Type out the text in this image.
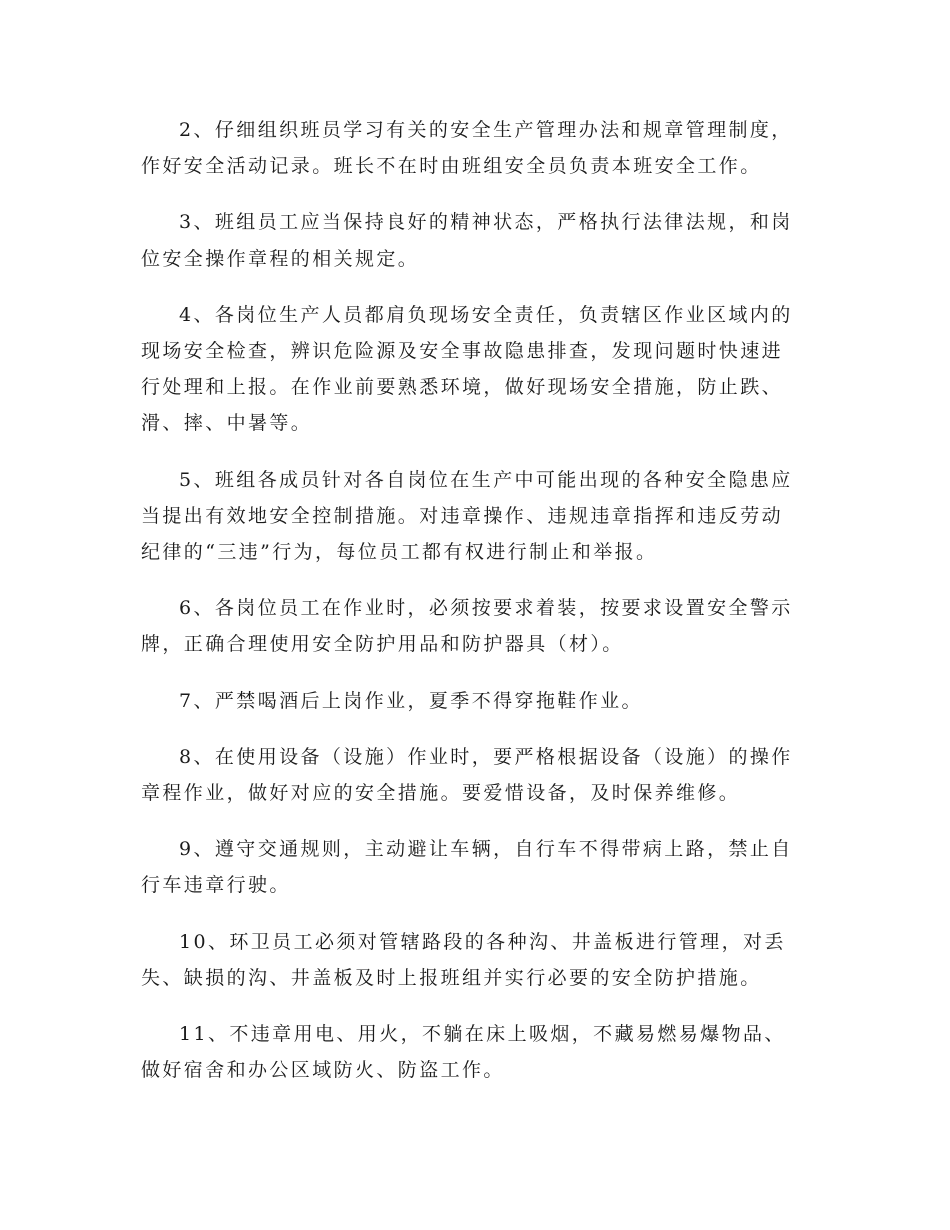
2、仔细组织班员学习有关的安全生产管理办法和规章管理制度，
作好安全活动记录。班长不在时由班组安全员负责本班安全工作。

3、班组员工应当保持良好的精神状态，严格执行法律法规，和岗
位安全操作章程的相关规定。

4、各岗位生产人员都肩负现场安全责任，负责辖区作业区域内的
现场安全检查，辨识危险源及安全事故隐患排查，发现问题时快速进
行处理和上报。在作业前要熟悉环境，做好现场安全措施，防止跌、
滑、摔、中暑等。

5、班组各成员针对各自岗位在生产中可能出现的各种安全隐患应
当提出有效地安全控制措施。对违章操作、违规违章指挥和违反劳动
纪律的“三违”行为，每位员工都有权进行制止和举报。

6、各岗位员工在作业时，必须按要求着装，按要求设置安全警示
牌，正确合理使用安全防护用品和防护器具（材）。

7、严禁喝酒后上岗作业，夏季不得穿拖鞋作业。

8、在使用设备（设施）作业时，要严格根据设备（设施）的操作
章程作业，做好对应的安全措施。要爱惜设备，及时保养维修。

9、遵守交通规则，主动避让车辆，自行车不得带病上路，禁止自
行车违章行驶。

10、环卫员工必须对管辖路段的各种沟、井盖板进行管理，对丢
失、缺损的沟、井盖板及时上报班组并实行必要的安全防护措施。

11、不违章用电、用火，不躺在床上吸烟，不藏易燃易爆物品、
做好宿舍和办公区域防火、防盗工作。
